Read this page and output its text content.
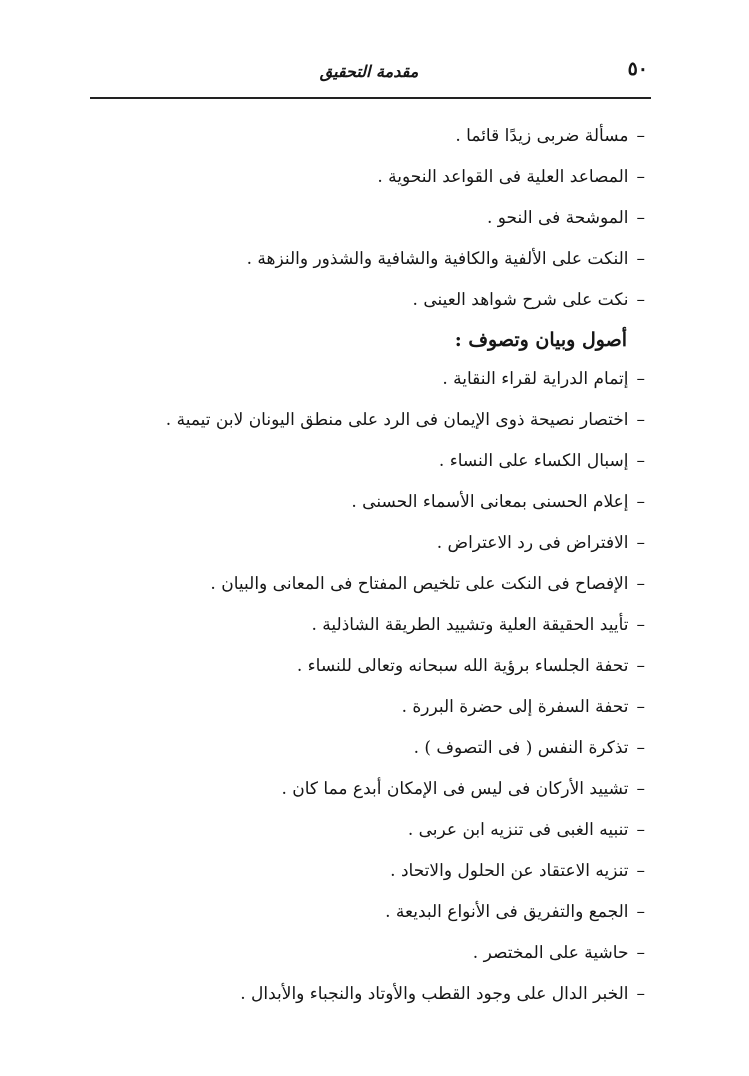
٥٠
مقدمة التحقيق
–مسألة ضربى زيدًا قائما .
–المصاعد العلية فى القواعد النحوية .
–الموشحة فى النحو .
–النكت على الألفية والكافية والشافية والشذور والنزهة .
–نكت على شرح شواهد العينى .
أصول وبيان وتصوف :
–إتمام الدراية لقراء النقاية .
–اختصار نصيحة ذوى الإيمان فى الرد على منطق اليونان لابن تيمية .
–إسبال الكساء على النساء .
–إعلام الحسنى بمعانى الأسماء الحسنى .
–الافتراض فى رد الاعتراض .
–الإفصاح فى النكت على تلخيص المفتاح فى المعانى والبيان .
–تأييد الحقيقة العلية وتشييد الطريقة الشاذلية .
–تحفة الجلساء برؤية الله سبحانه وتعالى للنساء .
–تحفة السفرة إلى حضرة البررة .
–تذكرة النفس ( فى التصوف ) .
–تشييد الأركان فى ليس فى الإمكان أبدع مما كان .
–تنبيه الغبى فى تنزيه ابن عربى .
–تنزيه الاعتقاد عن الحلول والاتحاد .
–الجمع والتفريق فى الأنواع البديعة .
–حاشية على المختصر .
–الخبر الدال على وجود القطب والأوتاد والنجباء والأبدال .
